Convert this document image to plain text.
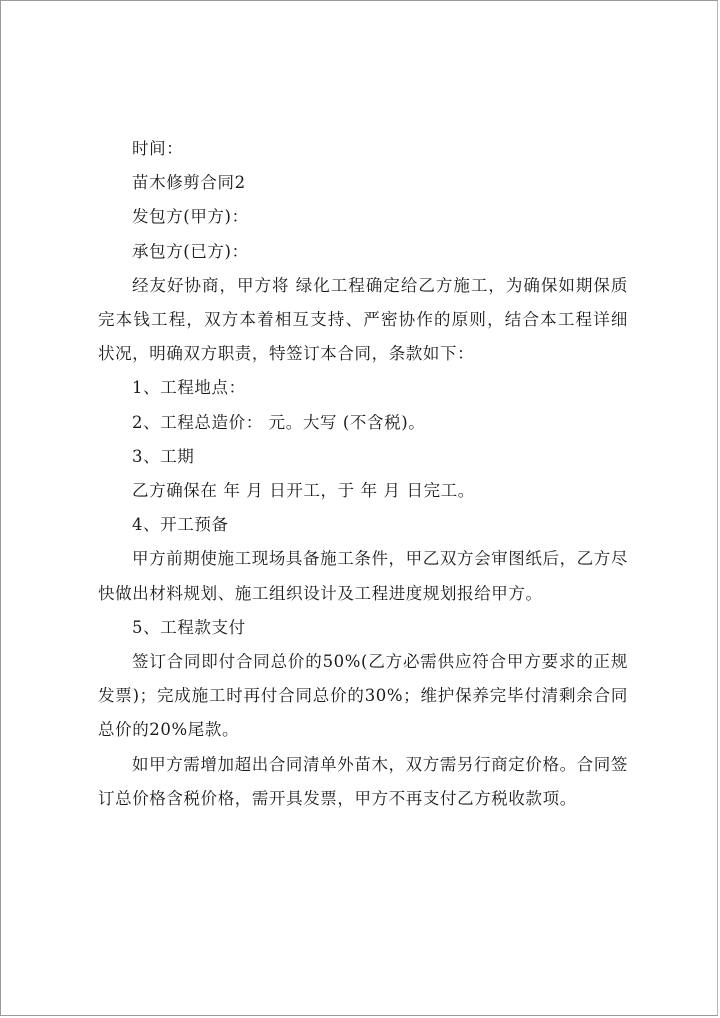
时间：

苗木修剪合同2

发包方(甲方)：

承包方(已方)：

经友好协商，甲方将 绿化工程确定给乙方施工，为确保如期保质完本钱工程，双方本着相互支持、严密协作的原则，结合本工程详细状况，明确双方职责，特签订本合同，条款如下：

1、工程地点：

2、工程总造价： 元。大写 (不含税)。

3、工期

乙方确保在 年 月 日开工，于 年 月 日完工。

4、开工预备

甲方前期使施工现场具备施工条件，甲乙双方会审图纸后，乙方尽快做出材料规划、施工组织设计及工程进度规划报给甲方。

5、工程款支付

签订合同即付合同总价的50%(乙方必需供应符合甲方要求的正规发票)；完成施工时再付合同总价的30%；维护保养完毕付清剩余合同总价的20%尾款。

如甲方需增加超出合同清单外苗木，双方需另行商定价格。合同签订总价格含税价格，需开具发票，甲方不再支付乙方税收款项。
